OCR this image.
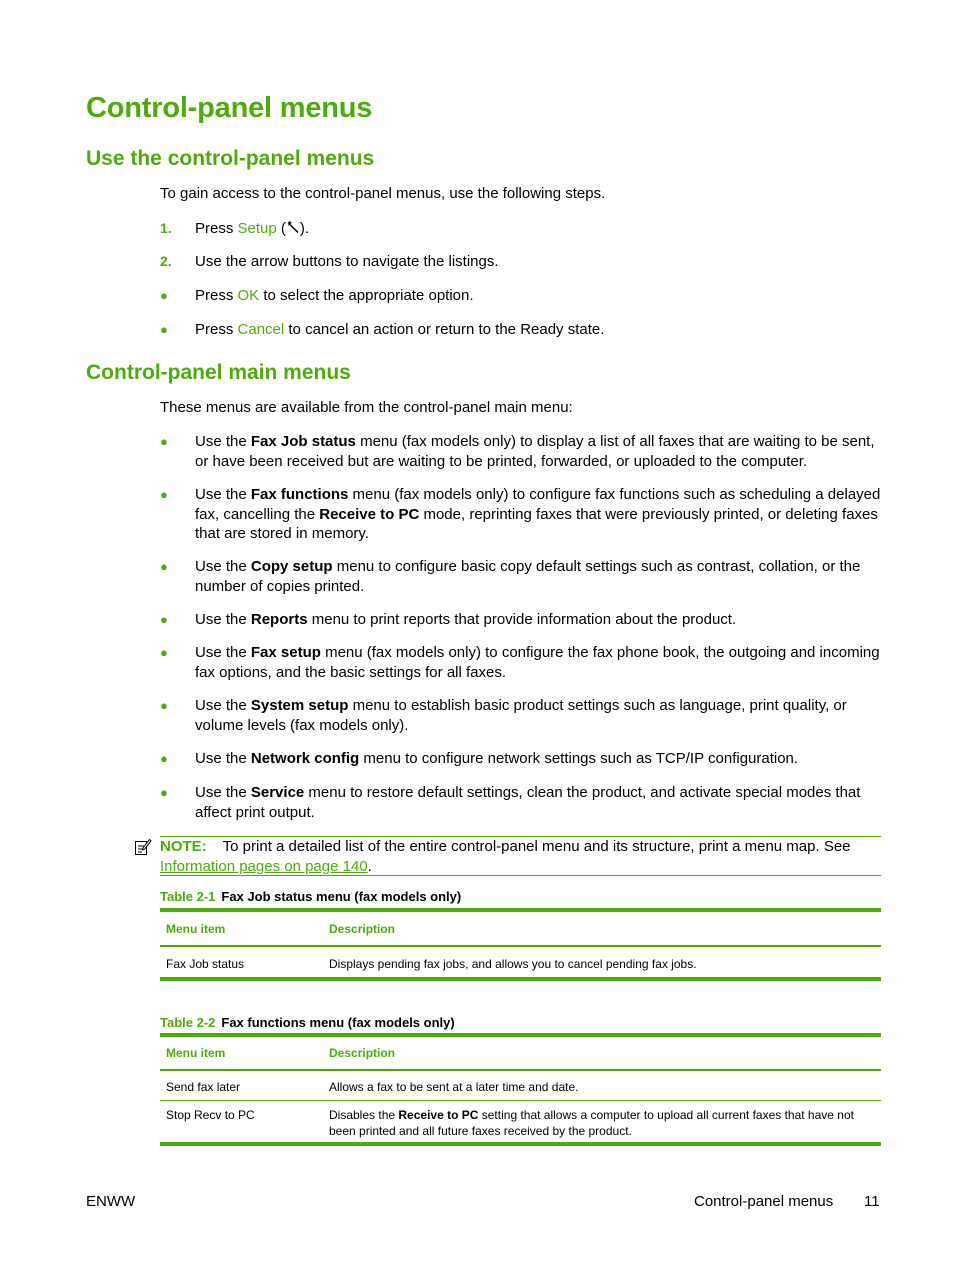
Control-panel menus
Use the control-panel menus

To gain access to the control-panel menus, use the following steps.

1. Press Setup ( ).
2. Use the arrow buttons to navigate the listings.
● Press OK to select the appropriate option.
● Press Cancel to cancel an action or return to the Ready state.
Control-panel main menus

These menus are available from the control-panel main menu:

● Use the Fax Job status menu (fax models only) to display a list of all faxes that are waiting to be sent, or have been received but are waiting to be printed, forwarded, or uploaded to the computer.
● Use the Fax functions menu (fax models only) to configure fax functions such as scheduling a delayed fax, cancelling the Receive to PC mode, reprinting faxes that were previously printed, or deleting faxes that are stored in memory.
● Use the Copy setup menu to configure basic copy default settings such as contrast, collation, or the number of copies printed.
● Use the Reports menu to print reports that provide information about the product.
● Use the Fax setup menu (fax models only) to configure the fax phone book, the outgoing and incoming fax options, and the basic settings for all faxes.
● Use the System setup menu to establish basic product settings such as language, print quality, or volume levels (fax models only).
● Use the Network config menu to configure network settings such as TCP/IP configuration.
● Use the Service menu to restore default settings, clean the product, and activate special modes that affect print output.
NOTE: To print a detailed list of the entire control-panel menu and its structure, print a menu map. See Information pages on page 140.

Table 2-1 Fax Job status menu (fax models only)

Menu item	Description
Fax Job status	Displays pending fax jobs, and allows you to cancel pending fax jobs.

Table 2-2 Fax functions menu (fax models only)

Menu item	Description
Send fax later	Allows a fax to be sent at a later time and date.
Stop Recv to PC	Disables the Receive to PC setting that allows a computer to upload all current faxes that have not been printed and all future faxes received by the product.
ENWW	Control-panel menus 11
